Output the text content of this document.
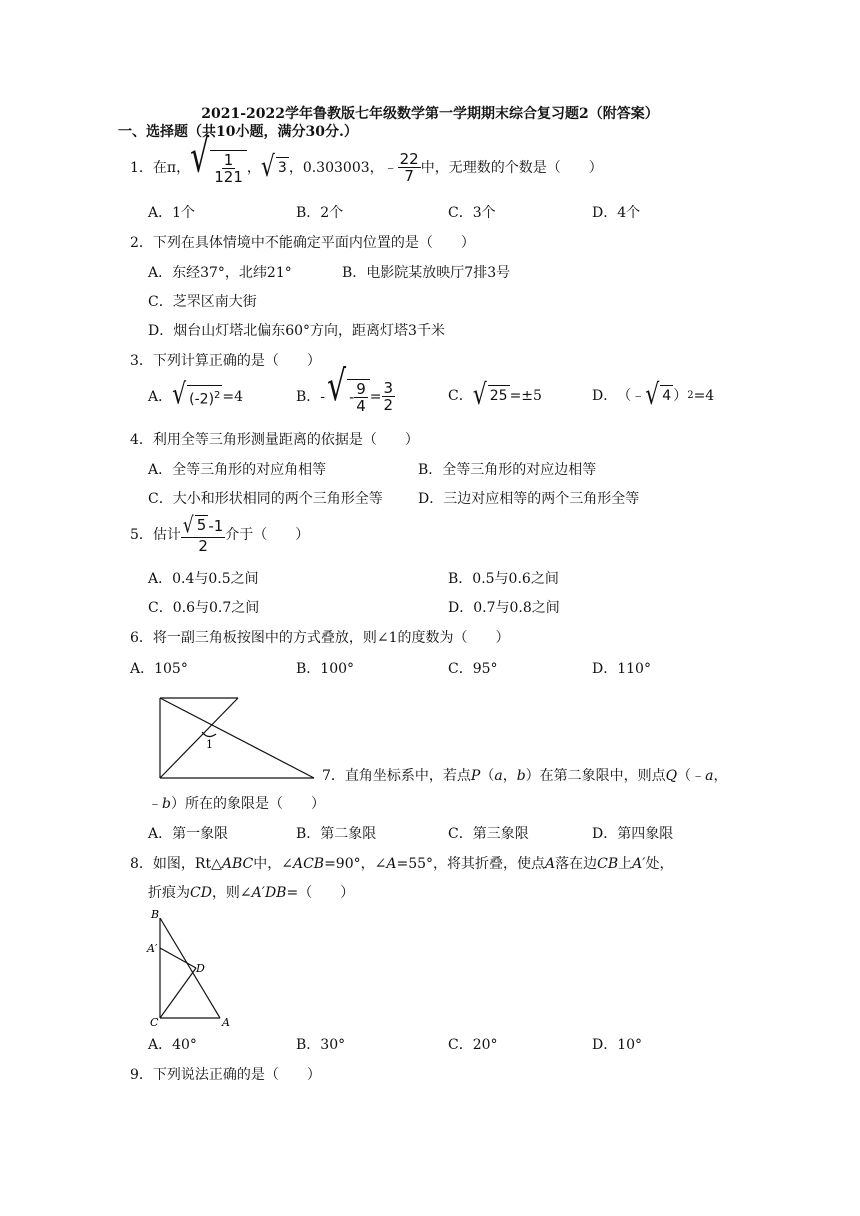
2021-2022学年鲁教版七年级数学第一学期期末综合复习题2（附答案）
一、选择题（共10小题，满分30分.）
1．在π， √ $\frac{1}{121}$ ， √ 3 ，0.303003， ﹣ $\frac{22}{7}$ 中，无理数的个数是（　　）
A．1个	B．2个	C．3个	D．4个
2．下列在具体情境中不能确定平面内位置的是（　　）
A．东经37°，北纬21°	B．电影院某放映厅7排3号
C．芝罘区南大街
D．烟台山灯塔北偏东60°方向，距离灯塔3千米
3．下列计算正确的是（　　）
A． √ $(-2)^2 =4$	B． - √ - $\frac{9}{4} = \frac{3}{2}$	C． √ 25 =±5	D． （﹣ √ 4 ） 2 =4
4．利用全等三角形测量距离的依据是（　　）
A．全等三角形的对应角相等	B．全等三角形的对应边相等
C．大小和形状相同的两个三角形全等	D．三边对应相等的两个三角形全等
5．估计 $\frac{√ 5 -1}{2}$ 介于（　　）
A．0.4与0.5之间	B．0.5与0.6之间
C．0.6与0.7之间	D．0.7与0.8之间
6．将一副三角板按图中的方式叠放，则∠1的度数为（　　）
A．105°	B．100°	C．95°	D．110°
1
7．直角坐标系中，若点P（a，b）在第二象限中，则点Q（﹣a，
﹣b）所在的象限是（　　）
A．第一象限	B．第二象限	C．第三象限	D．第四象限
8．如图，Rt△ABC中，∠ACB=90°，∠A=55°，将其折叠，使点A落在边CB上A′处，
折痕为CD，则∠A′DB=（　　）
B
A′
D
C	A
A．40°	B．30°	C．20°	D．10°
9．下列说法正确的是（　　）
